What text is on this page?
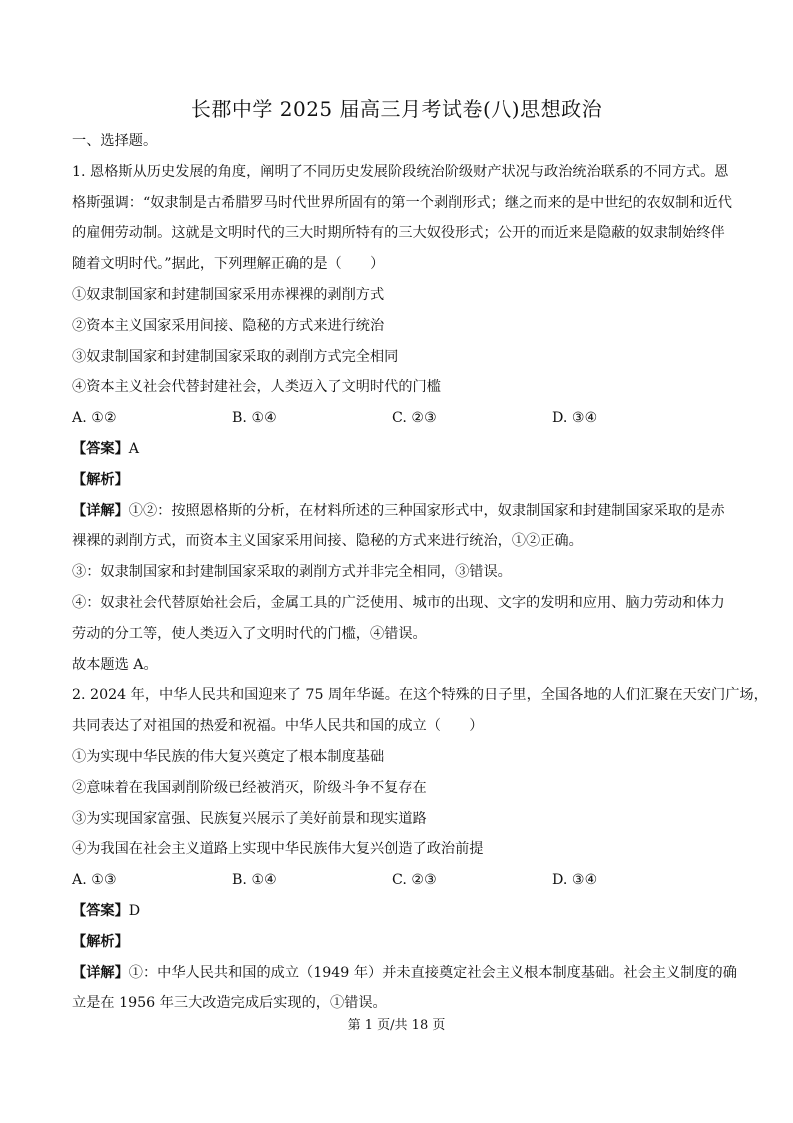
长郡中学 2025 届高三月考试卷(八)思想政治

一、选择题。

1. 恩格斯从历史发展的角度，阐明了不同历史发展阶段统治阶级财产状况与政治统治联系的不同方式。恩

格斯强调：“奴隶制是古希腊罗马时代世界所固有的第一个剥削形式；继之而来的是中世纪的农奴制和近代

的雇佣劳动制。这就是文明时代的三大时期所特有的三大奴役形式；公开的而近来是隐蔽的奴隶制始终伴

随着文明时代。”据此，下列理解正确的是（　　）

①奴隶制国家和封建制国家采用赤裸裸的剥削方式

②资本主义国家采用间接、隐秘的方式来进行统治

③奴隶制国家和封建制国家采取的剥削方式完全相同

④资本主义社会代替封建社会，人类迈入了文明时代的门槛

A. ①②	B. ①④	C. ②③	D. ③④

【答案】A

【解析】

【详解】①②：按照恩格斯的分析，在材料所述的三种国家形式中，奴隶制国家和封建制国家采取的是赤

裸裸的剥削方式，而资本主义国家采用间接、隐秘的方式来进行统治，①②正确。

③：奴隶制国家和封建制国家采取的剥削方式并非完全相同，③错误。

④：奴隶社会代替原始社会后，金属工具的广泛使用、城市的出现、文字的发明和应用、脑力劳动和体力

劳动的分工等，使人类迈入了文明时代的门槛，④错误。

故本题选 A。

2. 2024 年，中华人民共和国迎来了 75 周年华诞。在这个特殊的日子里，全国各地的人们汇聚在天安门广场，

共同表达了对祖国的热爱和祝福。中华人民共和国的成立（　　）

①为实现中华民族的伟大复兴奠定了根本制度基础

②意味着在我国剥削阶级已经被消灭，阶级斗争不复存在

③为实现国家富强、民族复兴展示了美好前景和现实道路

④为我国在社会主义道路上实现中华民族伟大复兴创造了政治前提

A. ①③	B. ①④	C. ②③	D. ③④

【答案】D

【解析】

【详解】①：中华人民共和国的成立（1949 年）并未直接奠定社会主义根本制度基础。社会主义制度的确

立是在 1956 年三大改造完成后实现的，①错误。

第 1 页/共 18 页
